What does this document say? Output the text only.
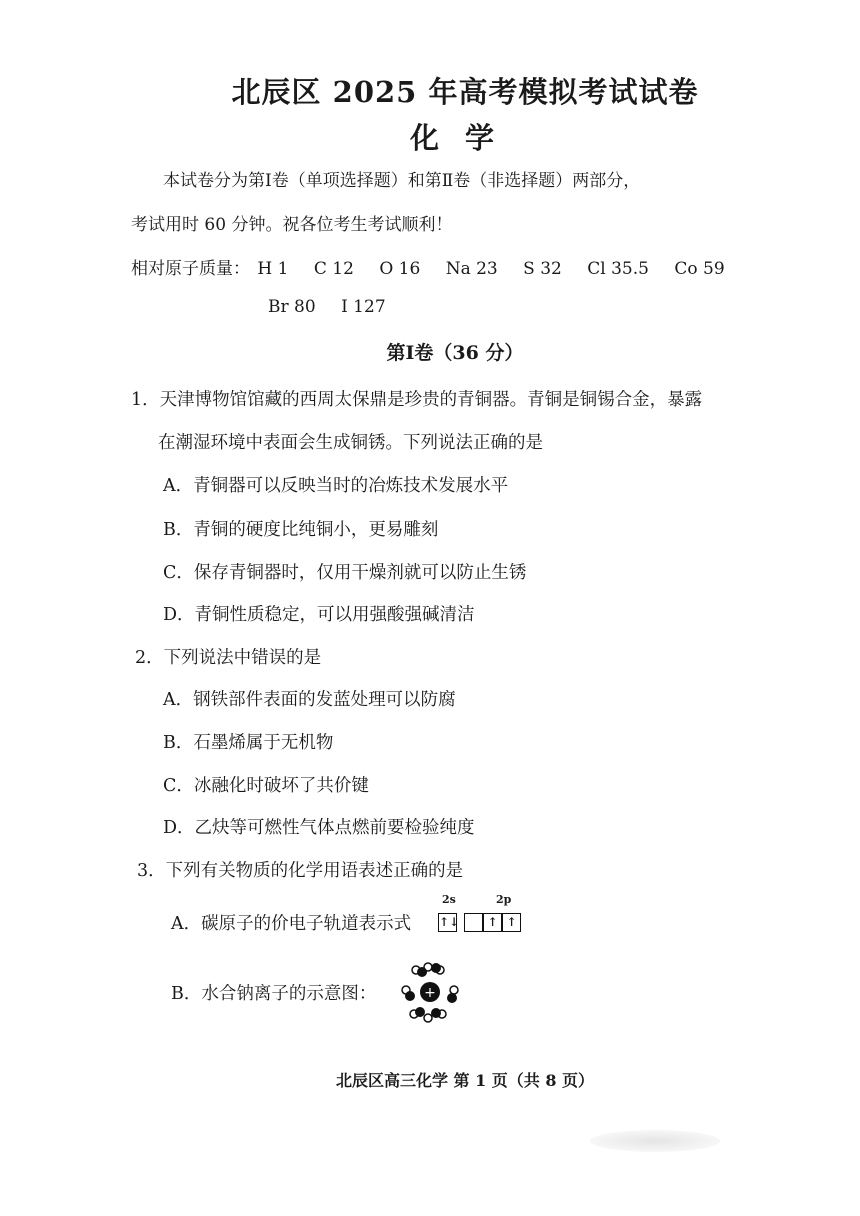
北辰区 2025 年高考模拟考试试卷
化学
本试卷分为第Ⅰ卷（单项选择题）和第Ⅱ卷（非选择题）两部分，
考试用时 60 分钟。祝各位考生考试顺利！
相对原子质量： H 1 C 12 O 16 Na 23 S 32 Cl 35.5 Co 59
Br 80 I 127
第Ⅰ卷（36 分）
1．天津博物馆馆藏的西周太保鼎是珍贵的青铜器。青铜是铜锡合金，暴露
在潮湿环境中表面会生成铜锈。下列说法正确的是
A．青铜器可以反映当时的冶炼技术发展水平
B．青铜的硬度比纯铜小，更易雕刻
C．保存青铜器时，仅用干燥剂就可以防止生锈
D．青铜性质稳定，可以用强酸强碱清洁
2．下列说法中错误的是
A．钢铁部件表面的发蓝处理可以防腐
B．石墨烯属于无机物
C．冰融化时破坏了共价键
D．乙炔等可燃性气体点燃前要检验纯度
3．下列有关物质的化学用语表述正确的是
A．碳原子的价电子轨道表示式
2s	2p
↑↓	↑ ↑
B．水合钠离子的示意图：	+
北辰区高三化学 第 1 页（共 8 页）
